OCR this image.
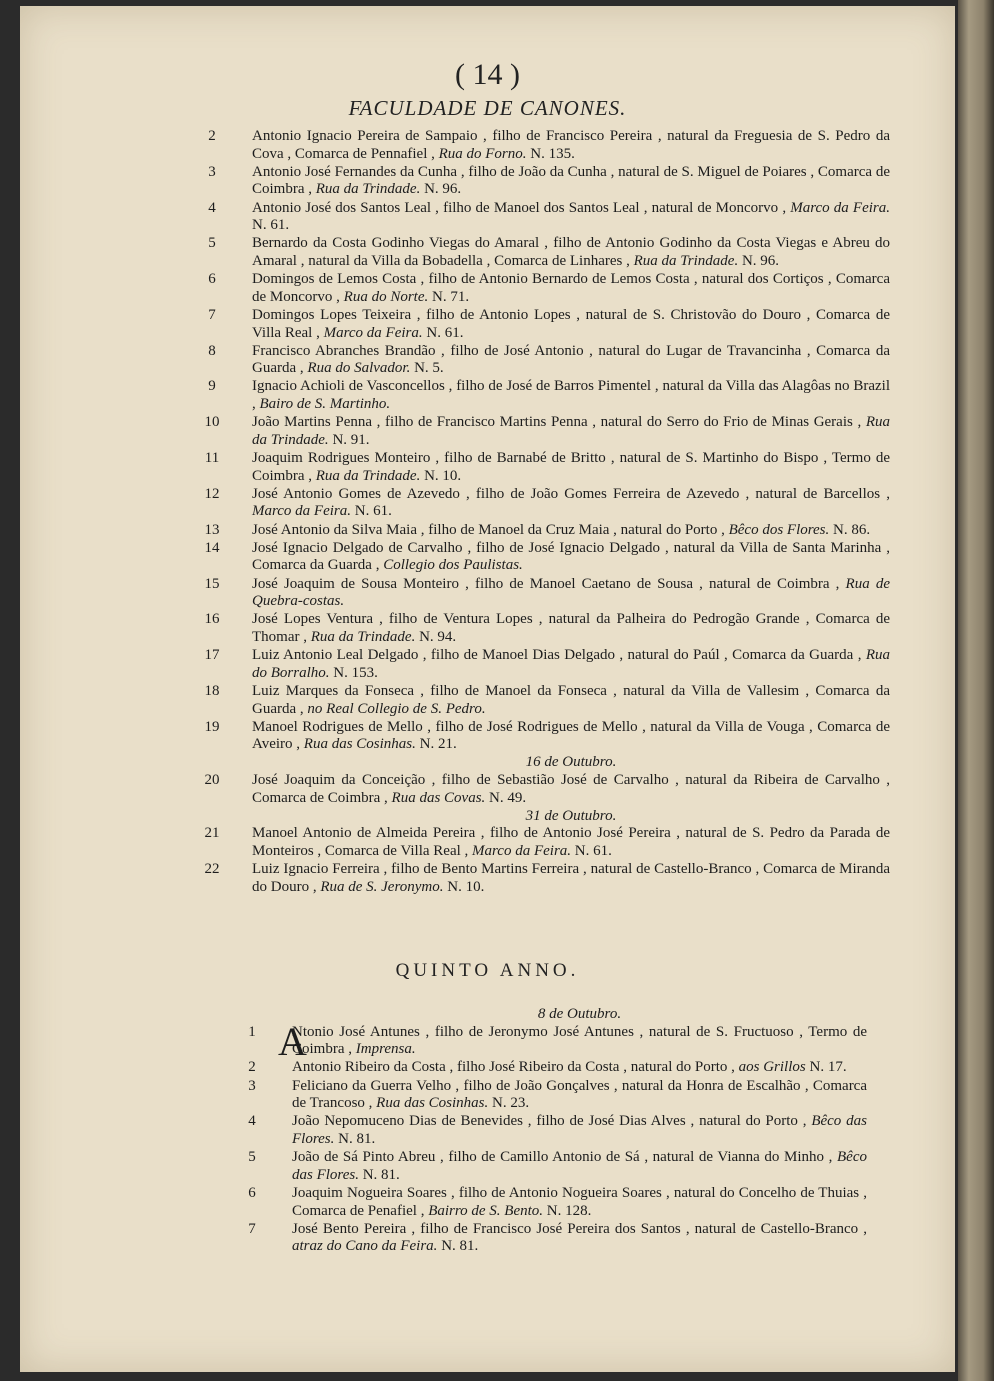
( 14 )
FACULDADE DE CANONES.
2	Antonio Ignacio Pereira de Sampaio , filho de Francisco Pereira , natural da Freguesia de S. Pedro da Cova , Comarca de Pennafiel , Rua do Forno. N. 135.
3	Antonio José Fernandes da Cunha , filho de João da Cunha , natural de S. Miguel de Poiares , Comarca de Coimbra , Rua da Trindade. N. 96.
4	Antonio José dos Santos Leal , filho de Manoel dos Santos Leal , natural de Moncorvo , Marco da Feira. N. 61.
5	Bernardo da Costa Godinho Viegas do Amaral , filho de Antonio Godinho da Costa Viegas e Abreu do Amaral , natural da Villa da Bobadella , Comarca de Linhares , Rua da Trindade. N. 96.
6	Domingos de Lemos Costa , filho de Antonio Bernardo de Lemos Costa , natural dos Cortiços , Comarca de Moncorvo , Rua do Norte. N. 71.
7	Domingos Lopes Teixeira , filho de Antonio Lopes , natural de S. Christovão do Douro , Comarca de Villa Real , Marco da Feira. N. 61.
8	Francisco Abranches Brandão , filho de José Antonio , natural do Lugar de Travancinha , Comarca da Guarda , Rua do Salvador. N. 5.
9	Ignacio Achioli de Vasconcellos , filho de José de Barros Pimentel , natural da Villa das Alagôas no Brazil , Bairo de S. Martinho.
10	João Martins Penna , filho de Francisco Martins Penna , natural do Serro do Frio de Minas Gerais , Rua da Trindade. N. 91.
11	Joaquim Rodrigues Monteiro , filho de Barnabé de Britto , natural de S. Martinho do Bispo , Termo de Coimbra , Rua da Trindade. N. 10.
12	José Antonio Gomes de Azevedo , filho de João Gomes Ferreira de Azevedo , natural de Barcellos , Marco da Feira. N. 61.
13	José Antonio da Silva Maia , filho de Manoel da Cruz Maia , natural do Porto , Bêco dos Flores. N. 86.
14	José Ignacio Delgado de Carvalho , filho de José Ignacio Delgado , natural da Villa de Santa Marinha , Comarca da Guarda , Collegio dos Paulistas.
15	José Joaquim de Sousa Monteiro , filho de Manoel Caetano de Sousa , natural de Coimbra , Rua de Quebra-costas.
16	José Lopes Ventura , filho de Ventura Lopes , natural da Palheira do Pedrogão Grande , Comarca de Thomar , Rua da Trindade. N. 94.
17	Luiz Antonio Leal Delgado , filho de Manoel Dias Delgado , natural do Paúl , Comarca da Guarda , Rua do Borralho. N. 153.
18	Luiz Marques da Fonseca , filho de Manoel da Fonseca , natural da Villa de Vallesim , Comarca da Guarda , no Real Collegio de S. Pedro.
19	Manoel Rodrigues de Mello , filho de José Rodrigues de Mello , natural da Villa de Vouga , Comarca de Aveiro , Rua das Cosinhas. N. 21.

16 de Outubro.

20	José Joaquim da Conceição , filho de Sebastião José de Carvalho , natural da Ribeira de Carvalho , Comarca de Coimbra , Rua das Covas. N. 49.

31 de Outubro.

21	Manoel Antonio de Almeida Pereira , filho de Antonio José Pereira , natural de S. Pedro da Parada de Monteiros , Comarca de Villa Real , Marco da Feira. N. 61.
22	Luiz Ignacio Ferreira , filho de Bento Martins Ferreira , natural de Castello-Branco , Comarca de Miranda do Douro , Rua de S. Jeronymo. N. 10.
QUINTO ANNO.

8 de Outubro.

A
1	Ntonio José Antunes , filho de Jeronymo José Antunes , natural de S. Fructuoso , Termo de Coimbra , Imprensa.
2	Antonio Ribeiro da Costa , filho José Ribeiro da Costa , natural do Porto , aos Grillos N. 17.
3	Feliciano da Guerra Velho , filho de João Gonçalves , natural da Honra de Escalhão , Comarca de Trancoso , Rua das Cosinhas. N. 23.
4	João Nepomuceno Dias de Benevides , filho de José Dias Alves , natural do Porto , Bêco das Flores. N. 81.
5	João de Sá Pinto Abreu , filho de Camillo Antonio de Sá , natural de Vianna do Minho , Bêco das Flores. N. 81.
6	Joaquim Nogueira Soares , filho de Antonio Nogueira Soares , natural do Concelho de Thuias , Comarca de Penafiel , Bairro de S. Bento. N. 128.
7	José Bento Pereira , filho de Francisco José Pereira dos Santos , natural de Castello-Branco , atraz do Cano da Feira. N. 81.
